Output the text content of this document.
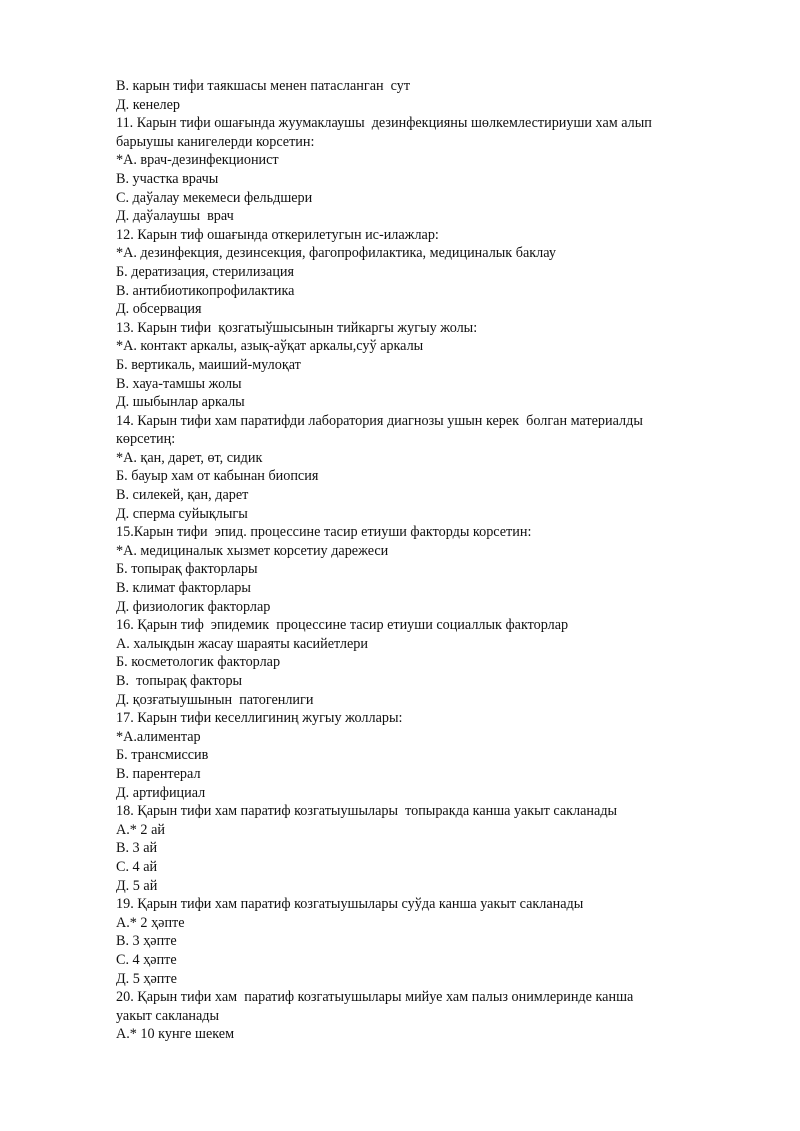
В. карын тифи таякшасы менен патасланган  сут
Д. кенелер
11. Карын тифи ошағында жуумаклаушы  дезинфекцияны шөлкемлестириуши хам алып
барыушы канигелерди корсетин:
*А. врач-дезинфекционист
В. участка врачы
С. даўалау мекемеси фельдшери
Д. даўалаушы  врач
12. Карын тиф ошағында откерилетугын ис-илажлар:
*А. дезинфекция, дезинсекция, фагопрофилактика, медициналык баклау
Б. дератизация, стерилизация
В. антибиотикопрофилактика
Д. обсервация
13. Карын тифи  қозгатыўшысынын тийкаргы жугыу жолы:
*А. контакт аркалы, азық-аўқат аркалы,суў аркалы
Б. вертикаль, маиший-мулоқат
В. хауа-тамшы жолы
Д. шыбынлар аркалы
14. Карын тифи хам паратифди лаборатория диагнозы ушын керек  болган материалды
көрсетиң:
*А. қан, дарет, өт, сидик
Б. бауыр хам от кабынан биопсия
В. силекей, қан, дарет
Д. сперма суйықлыгы
15.Карын тифи  эпид. процессине тасир етиуши факторды корсетин:
*А. медициналык хызмет корсетиу дарежеси
Б. топырақ факторлары
В. климат факторлары
Д. физиологик факторлар
16. Қарын тиф  эпидемик  процессине тасир етиуши социаллык факторлар
А. халықдын жасау шараяты касийетлери
Б. косметологик факторлар
В.  топырақ факторы
Д. қозғатыушынын  патогенлиги
17. Карын тифи кеселлигиниң жугыу жоллары:
*А.алиментар
Б. трансмиссив
В. парентерал
Д. артифициал
18. Қарын тифи хам паратиф козгатыушылары  топыракда канша уакыт сакланады
А.* 2 ай
В. 3 ай
С. 4 ай
Д. 5 ай
19. Қарын тифи хам паратиф козгатыушылары суўда канша уакыт сакланады
А.* 2 ҳәпте
В. 3 ҳәпте
С. 4 ҳәпте
Д. 5 ҳәпте
20. Қарын тифи хам  паратиф козгатыушылары мийуе хам палыз онимлеринде канша
уакыт сакланады
А.* 10 кунге шекем
